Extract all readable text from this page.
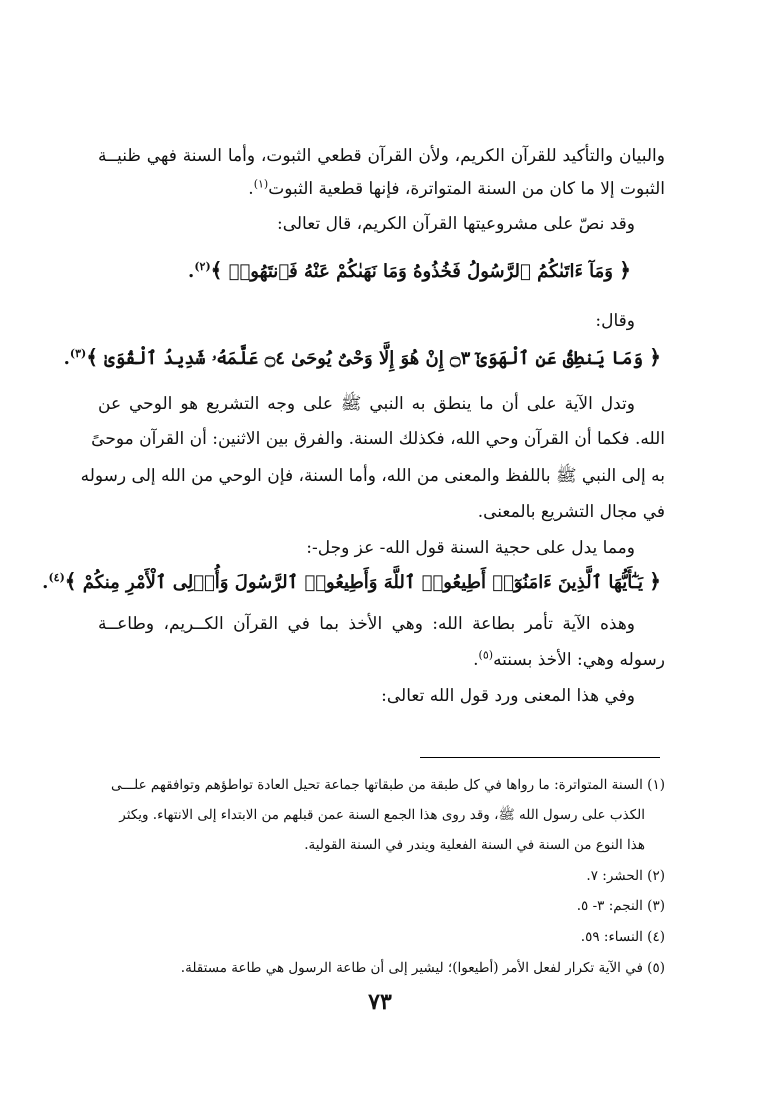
والبيان والتأكيد للقرآن الكريم، ولأن القرآن قطعي الثبوت، وأما السنة فهي ظنيــة
الثبوت إلا ما كان من السنة المتواترة، فإنها قطعية الثبوت$^{(١)}$.
وقد نصّ على مشروعيتها القرآن الكريم، قال تعالى:
﴿ وَمَآ ءَاتَىٰكُمُ ٱلرَّسُولُ فَخُذُوهُ وَمَا نَهَىٰكُمْ عَنْهُ فَٱنتَهُوا۟ ﴾$^{(٢)}$.
وقال:
﴿ وَمَا يَنطِقُ عَنِ ٱلْهَوَىٰٓ ۝٣ إِنْ هُوَ إِلَّا وَحْىٌ يُوحَىٰ ۝٤ عَلَّمَهُۥ شَدِيدُ ٱلْقُوَىٰ ﴾$^{(٣)}$.
وتدل الآية على أن ما ينطق به النبي ﷺ على وجه التشريع هو الوحي عن
الله. فكما أن القرآن وحي الله، فكذلك السنة. والفرق بين الاثنين: أن القرآن موحىً
به إلى النبي ﷺ باللفظ والمعنى من الله، وأما السنة، فإن الوحي من الله إلى رسوله
في مجال التشريع بالمعنى.
ومما يدل على حجية السنة قول الله- عز وجل-:
﴿ يَـٰٓأَيُّهَا ٱلَّذِينَ ءَامَنُوٓا۟ أَطِيعُوا۟ ٱللَّهَ وَأَطِيعُوا۟ ٱلرَّسُولَ وَأُو۟لِى ٱلْأَمْرِ مِنكُمْ ﴾$^{(٤)}$.
وهذه الآية تأمر بطاعة الله: وهي الأخذ بما في القرآن الكــريم، وطاعــة
رسوله وهي: الأخذ بسنته$^{(٥)}$.
وفي هذا المعنى ورد قول الله تعالى:
(١) السنة المتواترة: ما رواها في كل طبقة من طبقاتها جماعة تحيل العادة تواطؤهم وتوافقهم علـــى
الكذب على رسول الله ﷺ، وقد روى هذا الجمع السنة عمن قبلهم من الابتداء إلى الانتهاء. ويكثر
هذا النوع من السنة في السنة الفعلية ويندر في السنة القولية.
(٢) الحشر: ٧.
(٣) النجم: ٣- ٥.
(٤) النساء: ٥٩.
(٥) في الآية تكرار لفعل الأمر (أطيعوا)؛ ليشير إلى أن طاعة الرسول هي طاعة مستقلة.
٧٣
